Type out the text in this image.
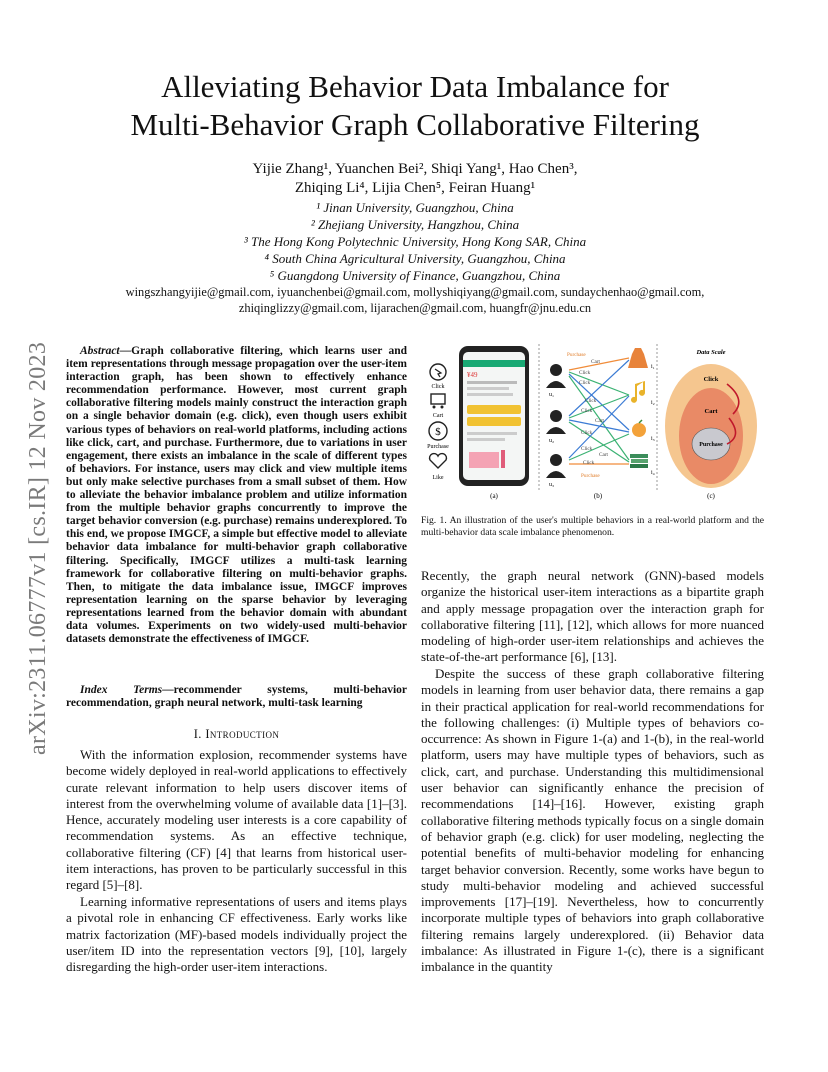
arXiv:2311.06777v1 [cs.IR] 12 Nov 2023
Alleviating Behavior Data Imbalance for
Multi-Behavior Graph Collaborative Filtering
Yijie Zhang¹, Yuanchen Bei², Shiqi Yang¹, Hao Chen³,
Zhiqing Li⁴, Lijia Chen⁵, Feiran Huang¹
¹ Jinan University, Guangzhou, China
² Zhejiang University, Hangzhou, China
³ The Hong Kong Polytechnic University, Hong Kong SAR, China
⁴ South China Agricultural University, Guangzhou, China
⁵ Guangdong University of Finance, Guangzhou, China
wingszhangyijie@gmail.com, iyuanchenbei@gmail.com, mollyshiqiyang@gmail.com, sundaychenhao@gmail.com,
zhiqinglizzy@gmail.com, lijarachen@gmail.com, huangfr@jnu.edu.cn
Abstract—Graph collaborative filtering, which learns user and item representations through message propagation over the user-item interaction graph, has been shown to effectively enhance recommendation performance. However, most current graph collaborative filtering models mainly construct the interaction graph on a single behavior domain (e.g. click), even though users exhibit various types of behaviors on real-world platforms, including actions like click, cart, and purchase. Furthermore, due to variations in user engagement, there exists an imbalance in the scale of different types of behaviors. For instance, users may click and view multiple items but only make selective purchases from a small subset of them. How to alleviate the behavior imbalance problem and utilize information from the multiple behavior graphs concurrently to improve the target behavior conversion (e.g. purchase) remains underexplored. To this end, we propose IMGCF, a simple but effective model to alleviate behavior data imbalance for multi-behavior graph collaborative filtering. Specifically, IMGCF utilizes a multi-task learning framework for collaborative filtering on multi-behavior graphs. Then, to mitigate the data imbalance issue, IMGCF improves representation learning on the sparse behavior by leveraging representations learned from the behavior domain with abundant data volumes. Experiments on two widely-used multi-behavior datasets demonstrate the effectiveness of IMGCF.
Index Terms—recommender systems, multi-behavior recommendation, graph neural network, multi-task learning
I. Introduction
With the information explosion, recommender systems have become widely deployed in real-world applications to effectively curate relevant information to help users discover items of interest from the overwhelming volume of available data [1]–[3]. Hence, accurately modeling user interests is a core capability of recommendation systems. As an effective technique, collaborative filtering (CF) [4] that learns from historical user-item interactions, has proven to be particularly successful in this regard [5]–[8].
Learning informative representations of users and items plays a pivotal role in enhancing CF effectiveness. Early works like matrix factorization (MF)-based models individually project the user/item ID into the representation vectors [9], [10], largely disregarding the high-order user-item interactions.
¥49
Click
Cart
$
Purchase
Like
(a)
u₁
u₂
u₃
Purchase
Cart
Click
Click
Click
Click
Cart
Click
Click
Cart
Click
Purchase
i₁
i₂
i₃
i₄
(b)
Data Scale
Click
Cart
Purchase
(c)
Fig. 1. An illustration of the user's multiple behaviors in a real-world platform and the multi-behavior data scale imbalance phenomenon.
Recently, the graph neural network (GNN)-based models organize the historical user-item interactions as a bipartite graph and apply message propagation over the interaction graph for collaborative filtering [11], [12], which allows for more nuanced modeling of high-order user-item relationships and achieves the state-of-the-art performance [6], [13].
Despite the success of these graph collaborative filtering models in learning from user behavior data, there remains a gap in their practical application for real-world recommendations for the following challenges: (i) Multiple types of behaviors co-occurrence: As shown in Figure 1-(a) and 1-(b), in the real-world platform, users may have multiple types of behaviors, such as click, cart, and purchase. Understanding this multidimensional user behavior can significantly enhance the precision of recommendations [14]–[16]. However, existing graph collaborative filtering methods typically focus on a single domain of behavior graph (e.g. click) for user modeling, neglecting the potential benefits of multi-behavior modeling for enhancing target behavior conversion. Recently, some works have begun to study multi-behavior modeling and achieved successful improvements [17]–[19]. Nevertheless, how to concurrently incorporate multiple types of behaviors into graph collaborative filtering remains largely underexplored. (ii) Behavior data imbalance: As illustrated in Figure 1-(c), there is a significant imbalance in the quantity
